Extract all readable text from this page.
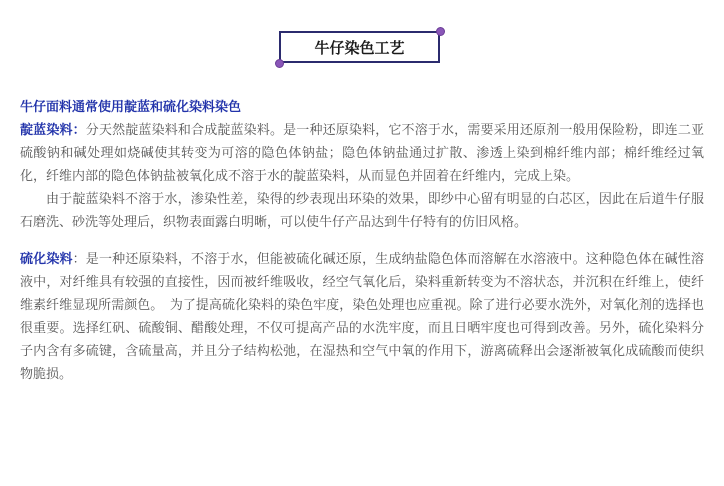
牛仔染色工艺

牛仔面料通常使用靛蓝和硫化染料染色

靛蓝染料：分天然靛蓝染料和合成靛蓝染料。是一种还原染料，它不溶于水，需要采用还原剂一般用保险粉，即连二亚硫酸钠和碱处理如烧碱使其转变为可溶的隐色体钠盐；隐色体钠盐通过扩散、渗透上染到棉纤维内部；棉纤维经过氧化，纤维内部的隐色体钠盐被氧化成不溶于水的靛蓝染料，从而显色并固着在纤维内，完成上染。

由于靛蓝染料不溶于水，渗染性差，染得的纱表现出环染的效果，即纱中心留有明显的白芯区，因此在后道牛仔服石磨洗、砂洗等处理后，织物表面露白明晰，可以使牛仔产品达到牛仔特有的仿旧风格。

硫化染料：是一种还原染料，不溶于水，但能被硫化碱还原，生成纳盐隐色体而溶解在水溶液中。这种隐色体在碱性溶液中，对纤维具有较强的直接性，因而被纤维吸收，经空气氧化后，染料重新转变为不溶状态，并沉积在纤维上，使纤维素纤维显现所需颜色。　为了提高硫化染料的染色牢度，染色处理也应重视。除了进行必要水洗外，对氧化剂的选择也很重要。选择红矾、硫酸铜、醋酸处理，不仅可提高产品的水洗牢度，而且日晒牢度也可得到改善。另外，硫化染料分子内含有多硫键，含硫量高，并且分子结构松弛，在湿热和空气中氧的作用下，游离硫释出会逐渐被氧化成硫酸而使织物脆损。
